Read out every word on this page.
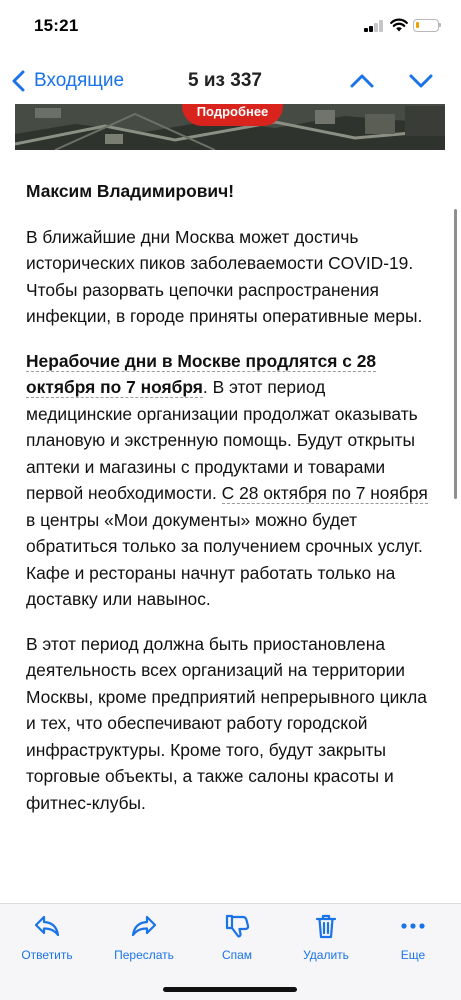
15:21
Входящие	5 из 337
Подробнее

Максим Владимирович!

В ближайшие дни Москва может достичь исторических пиков заболеваемости COVID-19. Чтобы разорвать цепочки распространения инфекции, в городе приняты оперативные меры.

Нерабочие дни в Москве продлятся с 28 октября по 7 ноября. В этот период медицинские организации продолжат оказывать плановую и экстренную помощь. Будут открыты аптеки и магазины с продуктами и товарами первой необходимости. С 28 октября по 7 ноября в центры «Мои документы» можно будет обратиться только за получением срочных услуг. Кафе и рестораны начнут работать только на доставку или навынос.

В этот период должна быть приостановлена деятельность всех организаций на территории Москвы, кроме предприятий непрерывного цикла и тех, что обеспечивают работу городской инфраструктуры. Кроме того, будут закрыты торговые объекты, а также салоны красоты и фитнес-клубы.

Ответить	Переслать	Спам	Удалить	Еще
